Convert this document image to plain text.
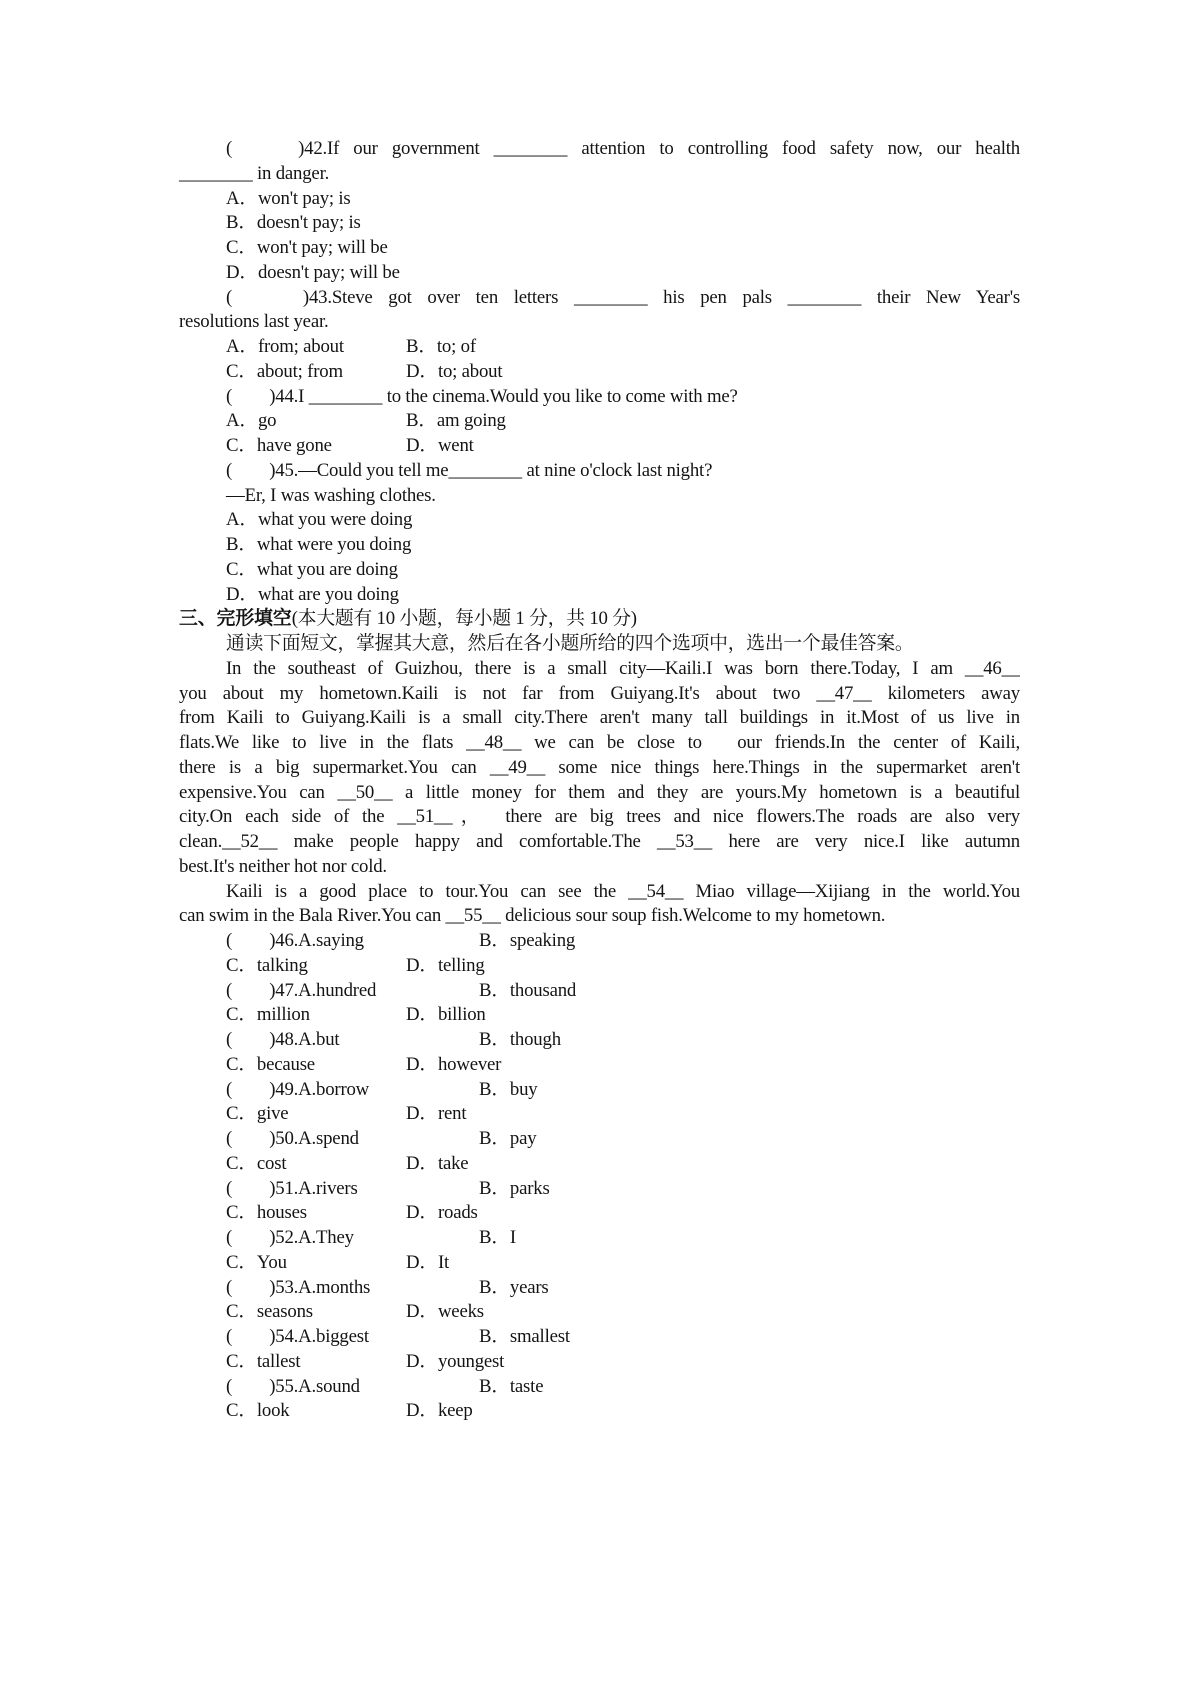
(　　)42.If our government ________ attention to controlling food safety now, our health
________ in danger.
A．won't pay; is
B．doesn't pay; is
C．won't pay; will be
D．doesn't pay; will be
(　　)43.Steve got over ten letters ________ his pen pals ________ their New Year's
resolutions last year.
A．from; about	B．to; of
C．about; from	D．to; about
(　　)44.I ________ to the cinema.Would you like to come with me?
A．go	B．am going
C．have gone	D．went
(　　)45.—Could you tell me________ at nine o'clock last night?
—Er, I was washing clothes.
A．what you were doing
B．what were you doing
C．what you are doing
D．what are you doing
三、完形填空(本大题有 10 小题，每小题 1 分，共 10 分)
通读下面短文，掌握其大意，然后在各小题所给的四个选项中，选出一个最佳答案。
In the southeast of Guizhou, there is a small city—Kaili.I was born there.Today, I am __46__
you about my hometown.Kaili is not far from Guiyang.It's about two __47__ kilometers away
from Kaili to Guiyang.Kaili is a small city.There aren't many tall buildings in it.Most of us live in
flats.We like to live in the flats __48__ we can be close to　our friends.In the center of Kaili,
there is a big supermarket.You can __49__ some nice things here.Things in the supermarket aren't
expensive.You can __50__ a little money for them and they are yours.My hometown is a beautiful
city.On each side of the __51__，　there are big trees and nice flowers.The roads are also very
clean.__52__ make people happy and comfortable.The __53__ here are very nice.I like autumn
best.It's neither hot nor cold.
Kaili is a good place to tour.You can see the __54__ Miao village—Xijiang in the world.You
can swim in the Bala River.You can __55__ delicious sour soup fish.Welcome to my hometown.
(　　)46.A.saying	B．speaking
C．talking	D．telling
(　　)47.A.hundred	B．thousand
C．million	D．billion
(　　)48.A.but	B．though
C．because	D．however
(　　)49.A.borrow	B．buy
C．give	D．rent
(　　)50.A.spend	B．pay
C．cost	D．take
(　　)51.A.rivers	B．parks
C．houses	D．roads
(　　)52.A.They	B．I
C．You	D．It
(　　)53.A.months	B．years
C．seasons	D．weeks
(　　)54.A.biggest	B．smallest
C．tallest	D．youngest
(　　)55.A.sound	B．taste
C．look	D．keep
